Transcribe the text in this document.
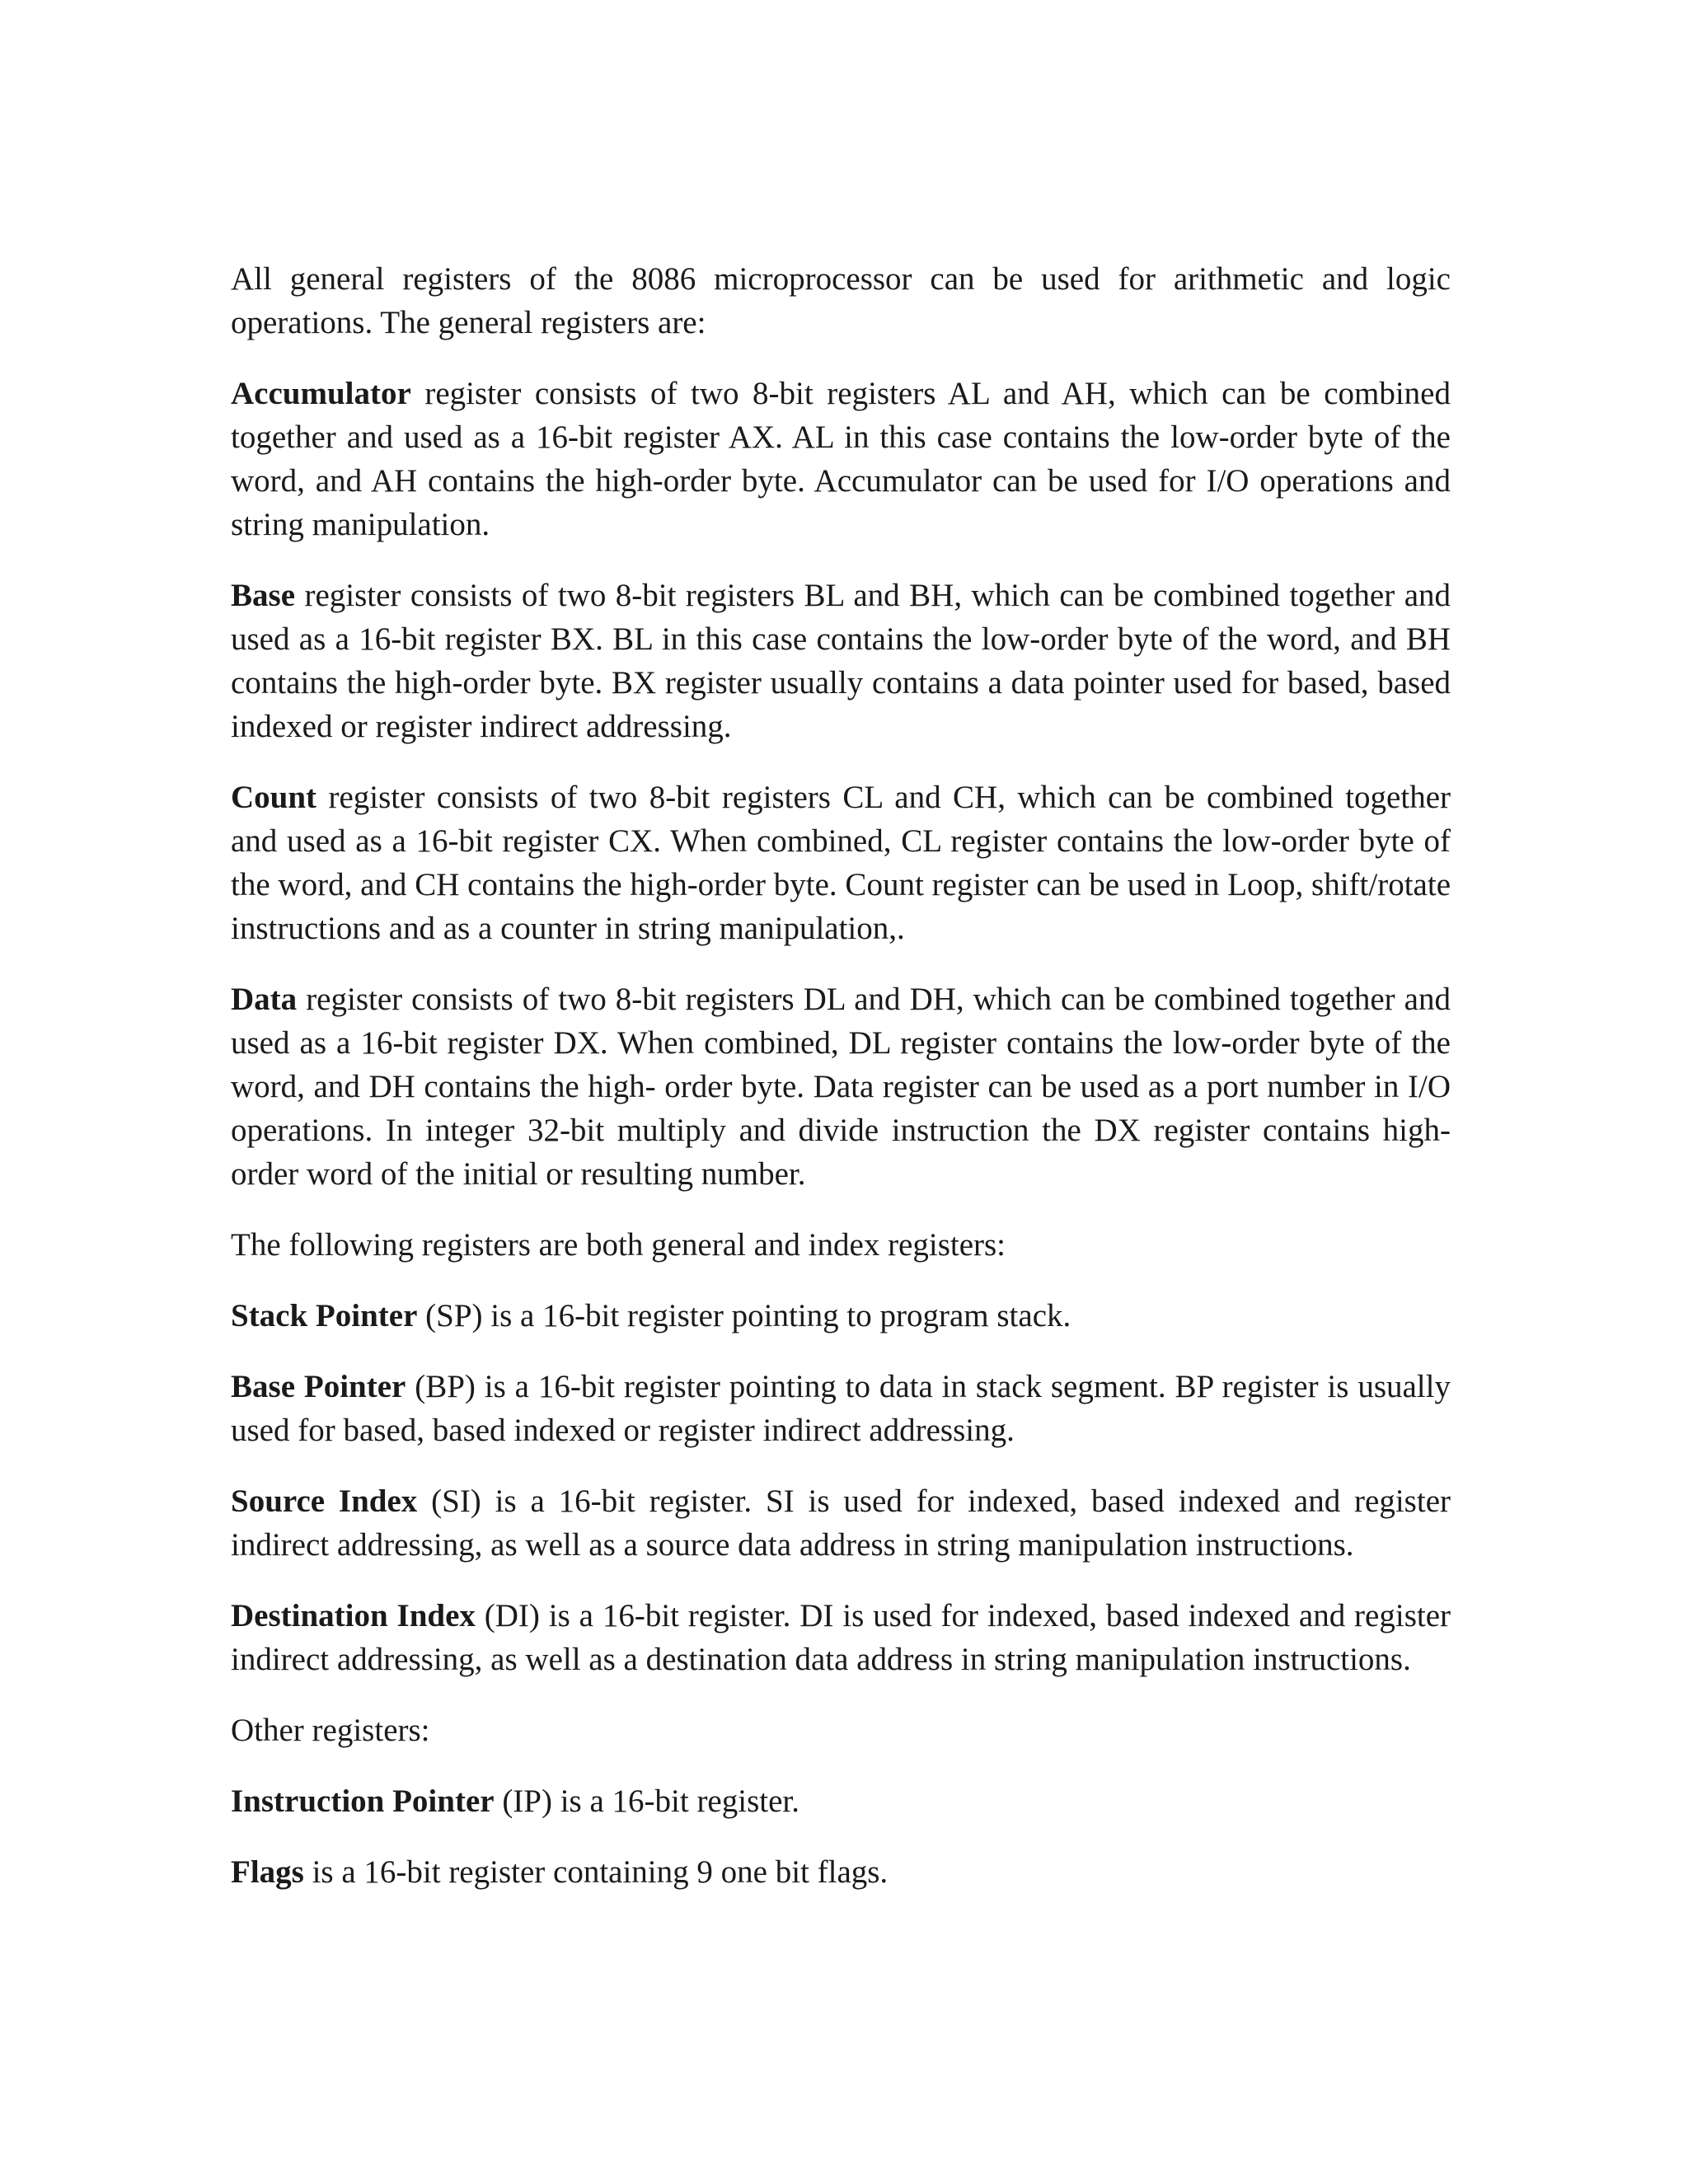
All general registers of the 8086 microprocessor can be used for arithmetic and logic operations. The general registers are:

Accumulator register consists of two 8-bit registers AL and AH, which can be combined together and used as a 16-bit register AX. AL in this case contains the low-order byte of the word, and AH contains the high-order byte. Accumulator can be used for I/O operations and string manipulation.

Base register consists of two 8-bit registers BL and BH, which can be combined together and used as a 16-bit register BX. BL in this case contains the low-order byte of the word, and BH contains the high-order byte. BX register usually contains a data pointer used for based, based indexed or register indirect addressing.

Count register consists of two 8-bit registers CL and CH, which can be combined together and used as a 16-bit register CX. When combined, CL register contains the low-order byte of the word, and CH contains the high-order byte. Count register can be used in Loop, shift/rotate instructions and as a counter in string manipulation,.

Data register consists of two 8-bit registers DL and DH, which can be combined together and used as a 16-bit register DX. When combined, DL register contains the low-order byte of the word, and DH contains the high- order byte. Data register can be used as a port number in I/O operations. In integer 32-bit multiply and divide instruction the DX register contains high-order word of the initial or resulting number.

The following registers are both general and index registers:

Stack Pointer (SP) is a 16-bit register pointing to program stack.

Base Pointer (BP) is a 16-bit register pointing to data in stack segment. BP register is usually used for based, based indexed or register indirect addressing.

Source Index (SI) is a 16-bit register. SI is used for indexed, based indexed and register indirect addressing, as well as a source data address in string manipulation instructions.

Destination Index (DI) is a 16-bit register. DI is used for indexed, based indexed and register indirect addressing, as well as a destination data address in string manipulation instructions.

Other registers:

Instruction Pointer (IP) is a 16-bit register.

Flags is a 16-bit register containing 9 one bit flags.
